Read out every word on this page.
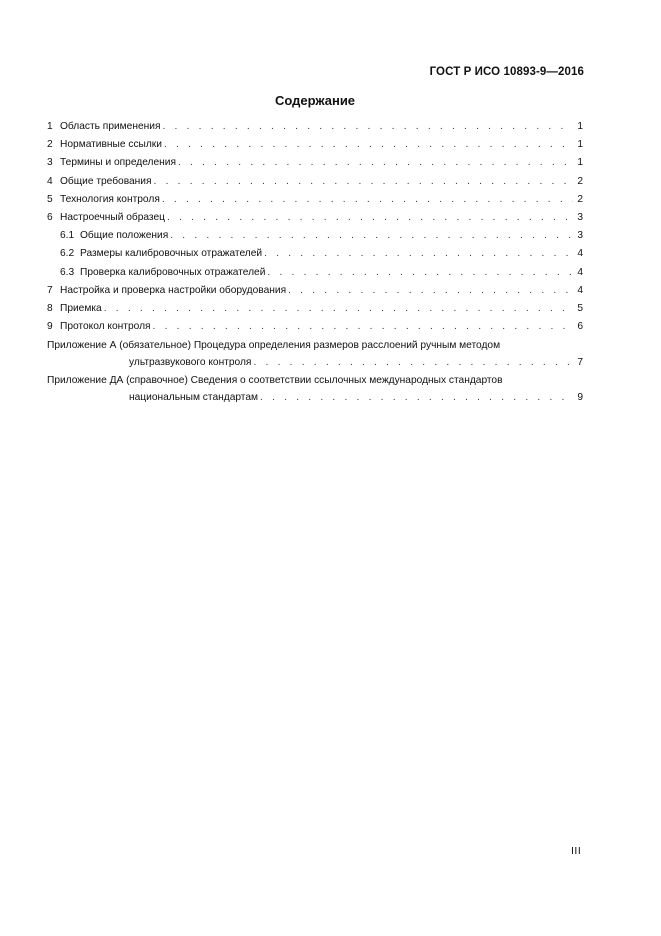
ГОСТ Р ИСО 10893-9—2016
Содержание
1 Область применения . . .	1
2 Нормативные ссылки . . .	1
3 Термины и определения . . .	1
4 Общие требования . . .	2
5 Технология контроля . . .	2
6 Настроечный образец . . .	3
6.1 Общие положения . . .	3
6.2 Размеры калибровочных отражателей . . .	4
6.3 Проверка калибровочных отражателей . . .	4
7 Настройка и проверка настройки оборудования . . .	4
8 Приемка . . .	5
9 Протокол контроля . . .	6
Приложение А (обязательное) Процедура определения размеров расслоений ручным методом
ультразвукового контроля . . .	7
Приложение ДА (справочное) Сведения о соответствии ссылочных международных стандартов
национальным стандартам . . .	9
III
